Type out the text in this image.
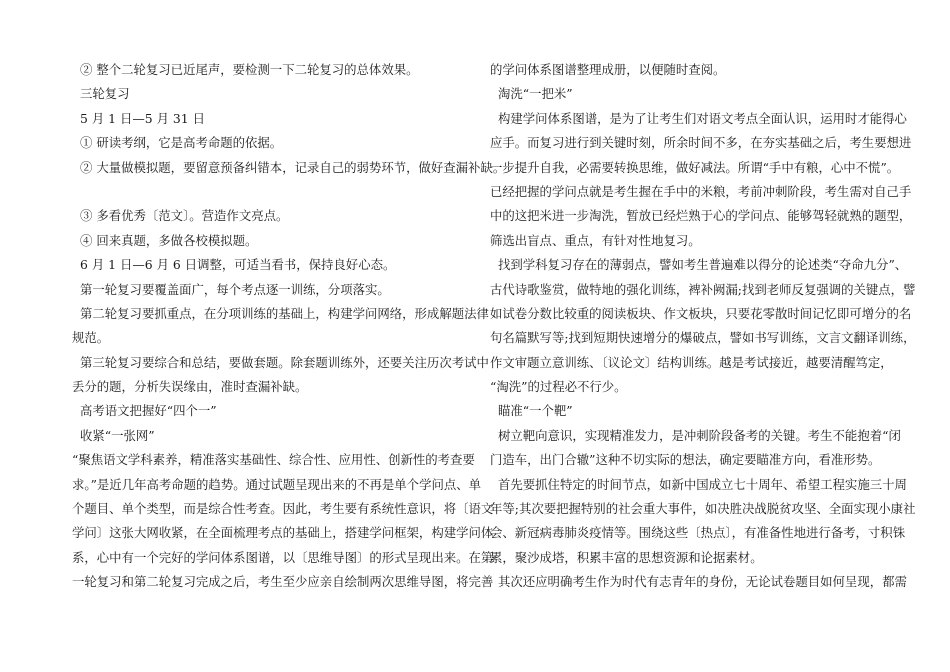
② 整个二轮复习已近尾声，要检测一下二轮复习的总体效果。
三轮复习
5 月 1 日—5 月 31 日
① 研读考纲，它是高考命题的依据。
② 大量做模拟题，要留意预备纠错本，记录自己的弱势环节，做好查漏补缺。
③ 多看优秀〔范文〕。营造作文亮点。
④ 回来真题，多做各校模拟题。
6 月 1 日—6 月 6 日调整，可适当看书，保持良好心态。
第一轮复习要覆盖面广，每个考点逐一训练，分项落实。
第二轮复习要抓重点，在分项训练的基础上，构建学问网络，形成解题法律
规范。
第三轮复习要综合和总结，要做套题。除套题训练外，还要关注历次考试中
丢分的题，分析失误缘由，准时查漏补缺。
高考语文把握好“四个一”
收紧“一张网”
“聚焦语文学科素养，精准落实基础性、综合性、应用性、创新性的考查要
求。”是近几年高考命题的趋势。通过试题呈现出来的不再是单个学问点、单
个题目、单个类型，而是综合性考查。因此，考生要有系统性意识，将〔语文
学问〕这张大网收紧，在全面梳理考点的基础上，搭建学问框架，构建学问体
系，心中有一个完好的学问体系图谱，以〔思维导图〕的形式呈现出来。在第
一轮复习和第二轮复习完成之后，考生至少应亲自绘制两次思维导图，将完善
的学问体系图谱整理成册，以便随时查阅。
淘洗“一把米”
构建学问体系图谱，是为了让考生们对语文考点全面认识，运用时才能得心
应手。而复习进行到关键时刻，所余时间不多，在夯实基础之后，考生要想进
一步提升自我，必需要转换思维，做好减法。所谓“手中有粮，心中不慌”。
已经把握的学问点就是考生握在手中的米粮，考前冲刺阶段，考生需对自己手
中的这把米进一步淘洗，暂放已经烂熟于心的学问点、能够驾轻就熟的题型，
筛选出盲点、重点，有针对性地复习。
找到学科复习存在的薄弱点，譬如考生普遍难以得分的论述类“夺命九分”、
古代诗歌鉴赏，做特地的强化训练，裨补阙漏;找到老师反复强调的关键点，譬
如试卷分数比较重的阅读板块、作文板块，只要花零散时间记忆即可增分的名
句名篇默写等;找到短期快速增分的爆破点，譬如书写训练，文言文翻译训练，
作文审题立意训练、〔议论文〕结构训练。越是考试接近，越要清醒笃定，
“淘洗”的过程必不行少。
瞄准“一个靶”
树立靶向意识，实现精准发力，是冲刺阶段备考的关键。考生不能抱着“闭
门造车，出门合辙”这种不切实际的想法，确定要瞄准方向，看准形势。
首先要抓住特定的时间节点，如新中国成立七十周年、希望工程实施三十周
年等;其次要把握特别的社会重大事件，如决胜决战脱贫攻坚、全面实现小康社
会、新冠病毒肺炎疫情等。围绕这些〔热点〕，有准备性地进行备考，寸积铢
累，聚沙成塔，积累丰富的思想资源和论据素材。
其次还应明确考生作为时代有志青年的身份，无论试卷题目如何呈现，都需
